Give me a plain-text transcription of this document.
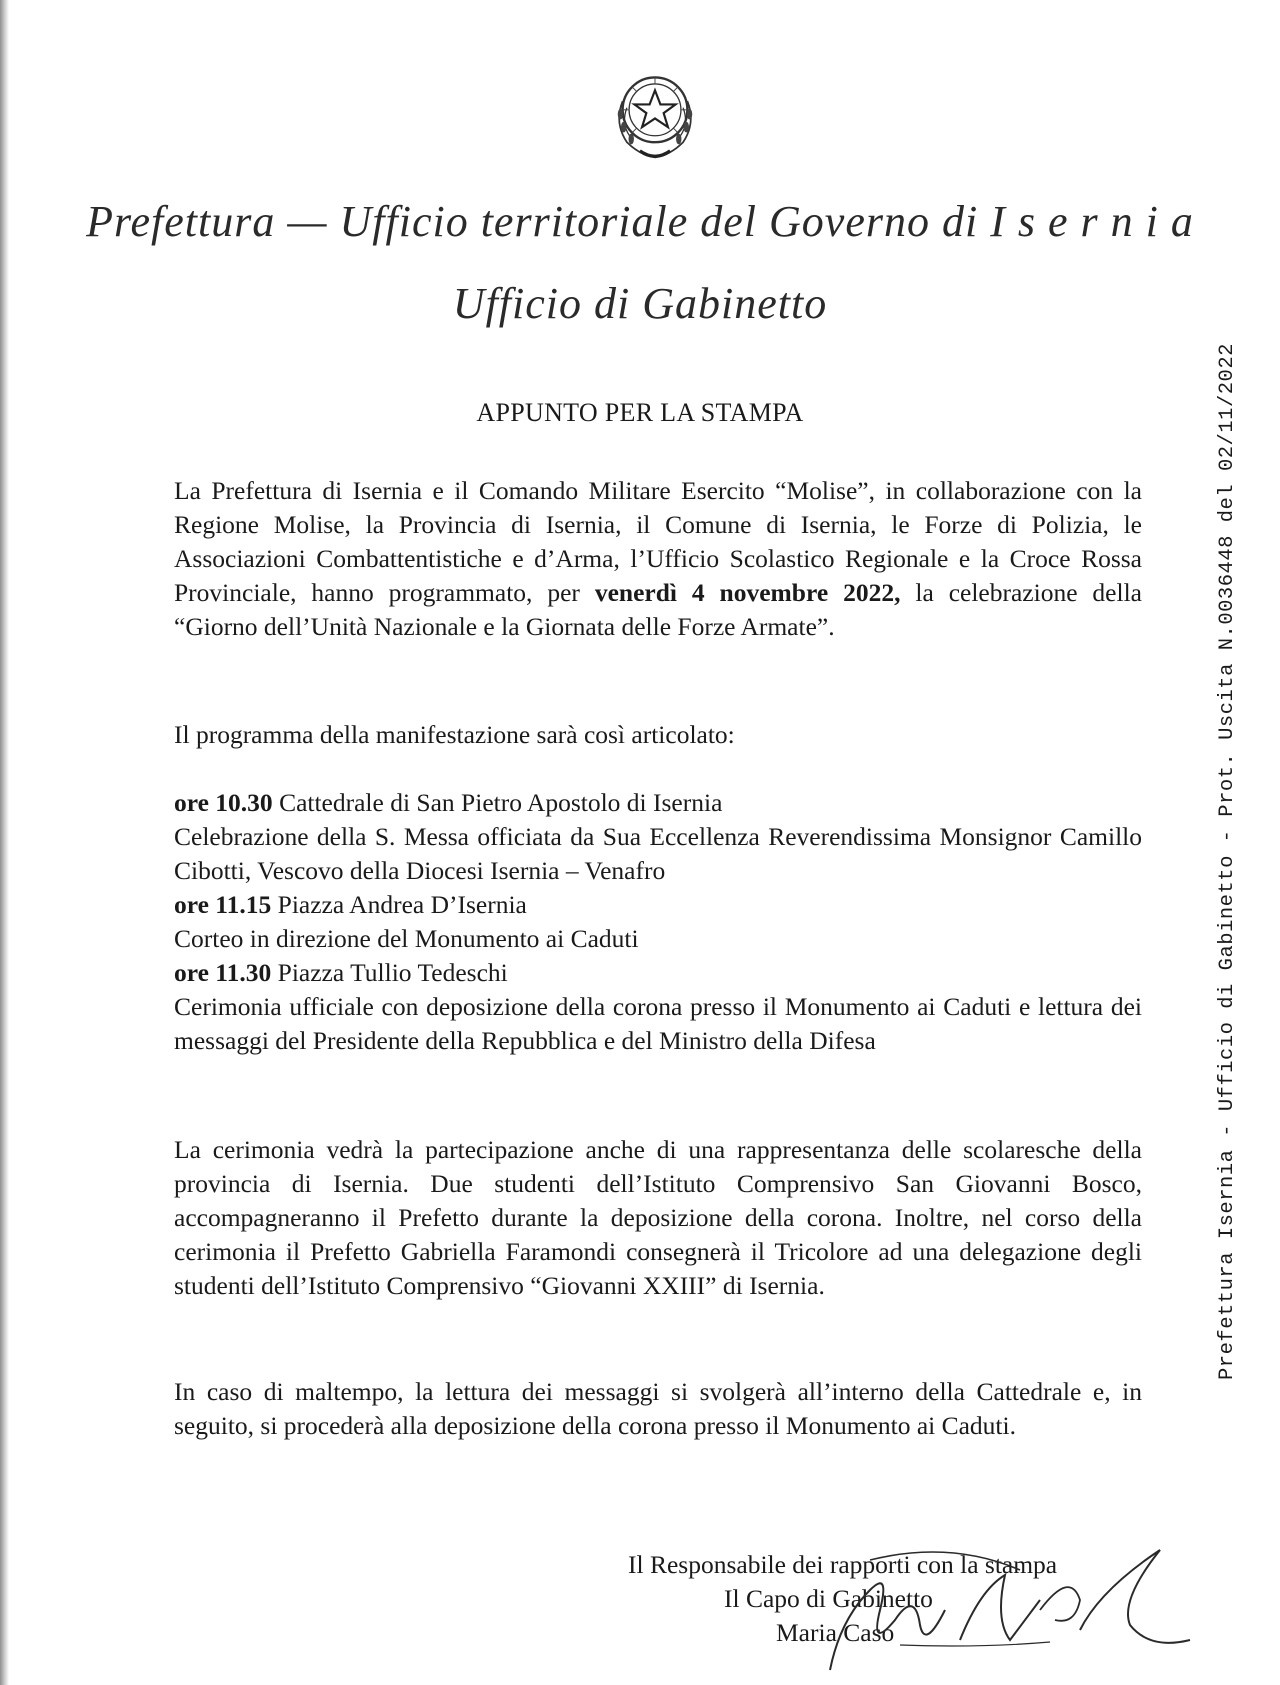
Prefettura — Ufficio territoriale del Governo di I s e r n i a
Ufficio di Gabinetto
APPUNTO PER LA STAMPA
La Prefettura di Isernia e il Comando Militare Esercito “Molise”, in collaborazione con la Regione Molise, la Provincia di Isernia, il Comune di Isernia, le Forze di Polizia, le Associazioni Combattentistiche e d’Arma, l’Ufficio Scolastico Regionale e la Croce Rossa Provinciale, hanno programmato, per venerdì 4 novembre 2022, la celebrazione della “Giorno dell’Unità Nazionale e la Giornata delle Forze Armate”.
Il programma della manifestazione sarà così articolato:
ore 10.30 Cattedrale di San Pietro Apostolo di Isernia
Celebrazione della S. Messa officiata da Sua Eccellenza Reverendissima Monsignor Camillo Cibotti, Vescovo della Diocesi Isernia – Venafro
ore 11.15 Piazza Andrea D’Isernia
Corteo in direzione del Monumento ai Caduti
ore 11.30 Piazza Tullio Tedeschi
Cerimonia ufficiale con deposizione della corona presso il Monumento ai Caduti e lettura dei messaggi del Presidente della Repubblica e del Ministro della Difesa
La cerimonia vedrà la partecipazione anche di una rappresentanza delle scolaresche della provincia di Isernia. Due studenti dell’Istituto Comprensivo San Giovanni Bosco, accompagneranno il Prefetto durante la deposizione della corona. Inoltre, nel corso della cerimonia il Prefetto Gabriella Faramondi consegnerà il Tricolore ad una delegazione degli studenti dell’Istituto Comprensivo “Giovanni XXIII” di Isernia.
In caso di maltempo, la lettura dei messaggi si svolgerà all’interno della Cattedrale e, in seguito, si procederà alla deposizione della corona presso il Monumento ai Caduti.
Il Responsabile dei rapporti con la stampa
Il Capo di Gabinetto
Maria Caso
Prefettura Isernia - Ufficio di Gabinetto - Prot. Uscita N.0036448 del 02/11/2022
